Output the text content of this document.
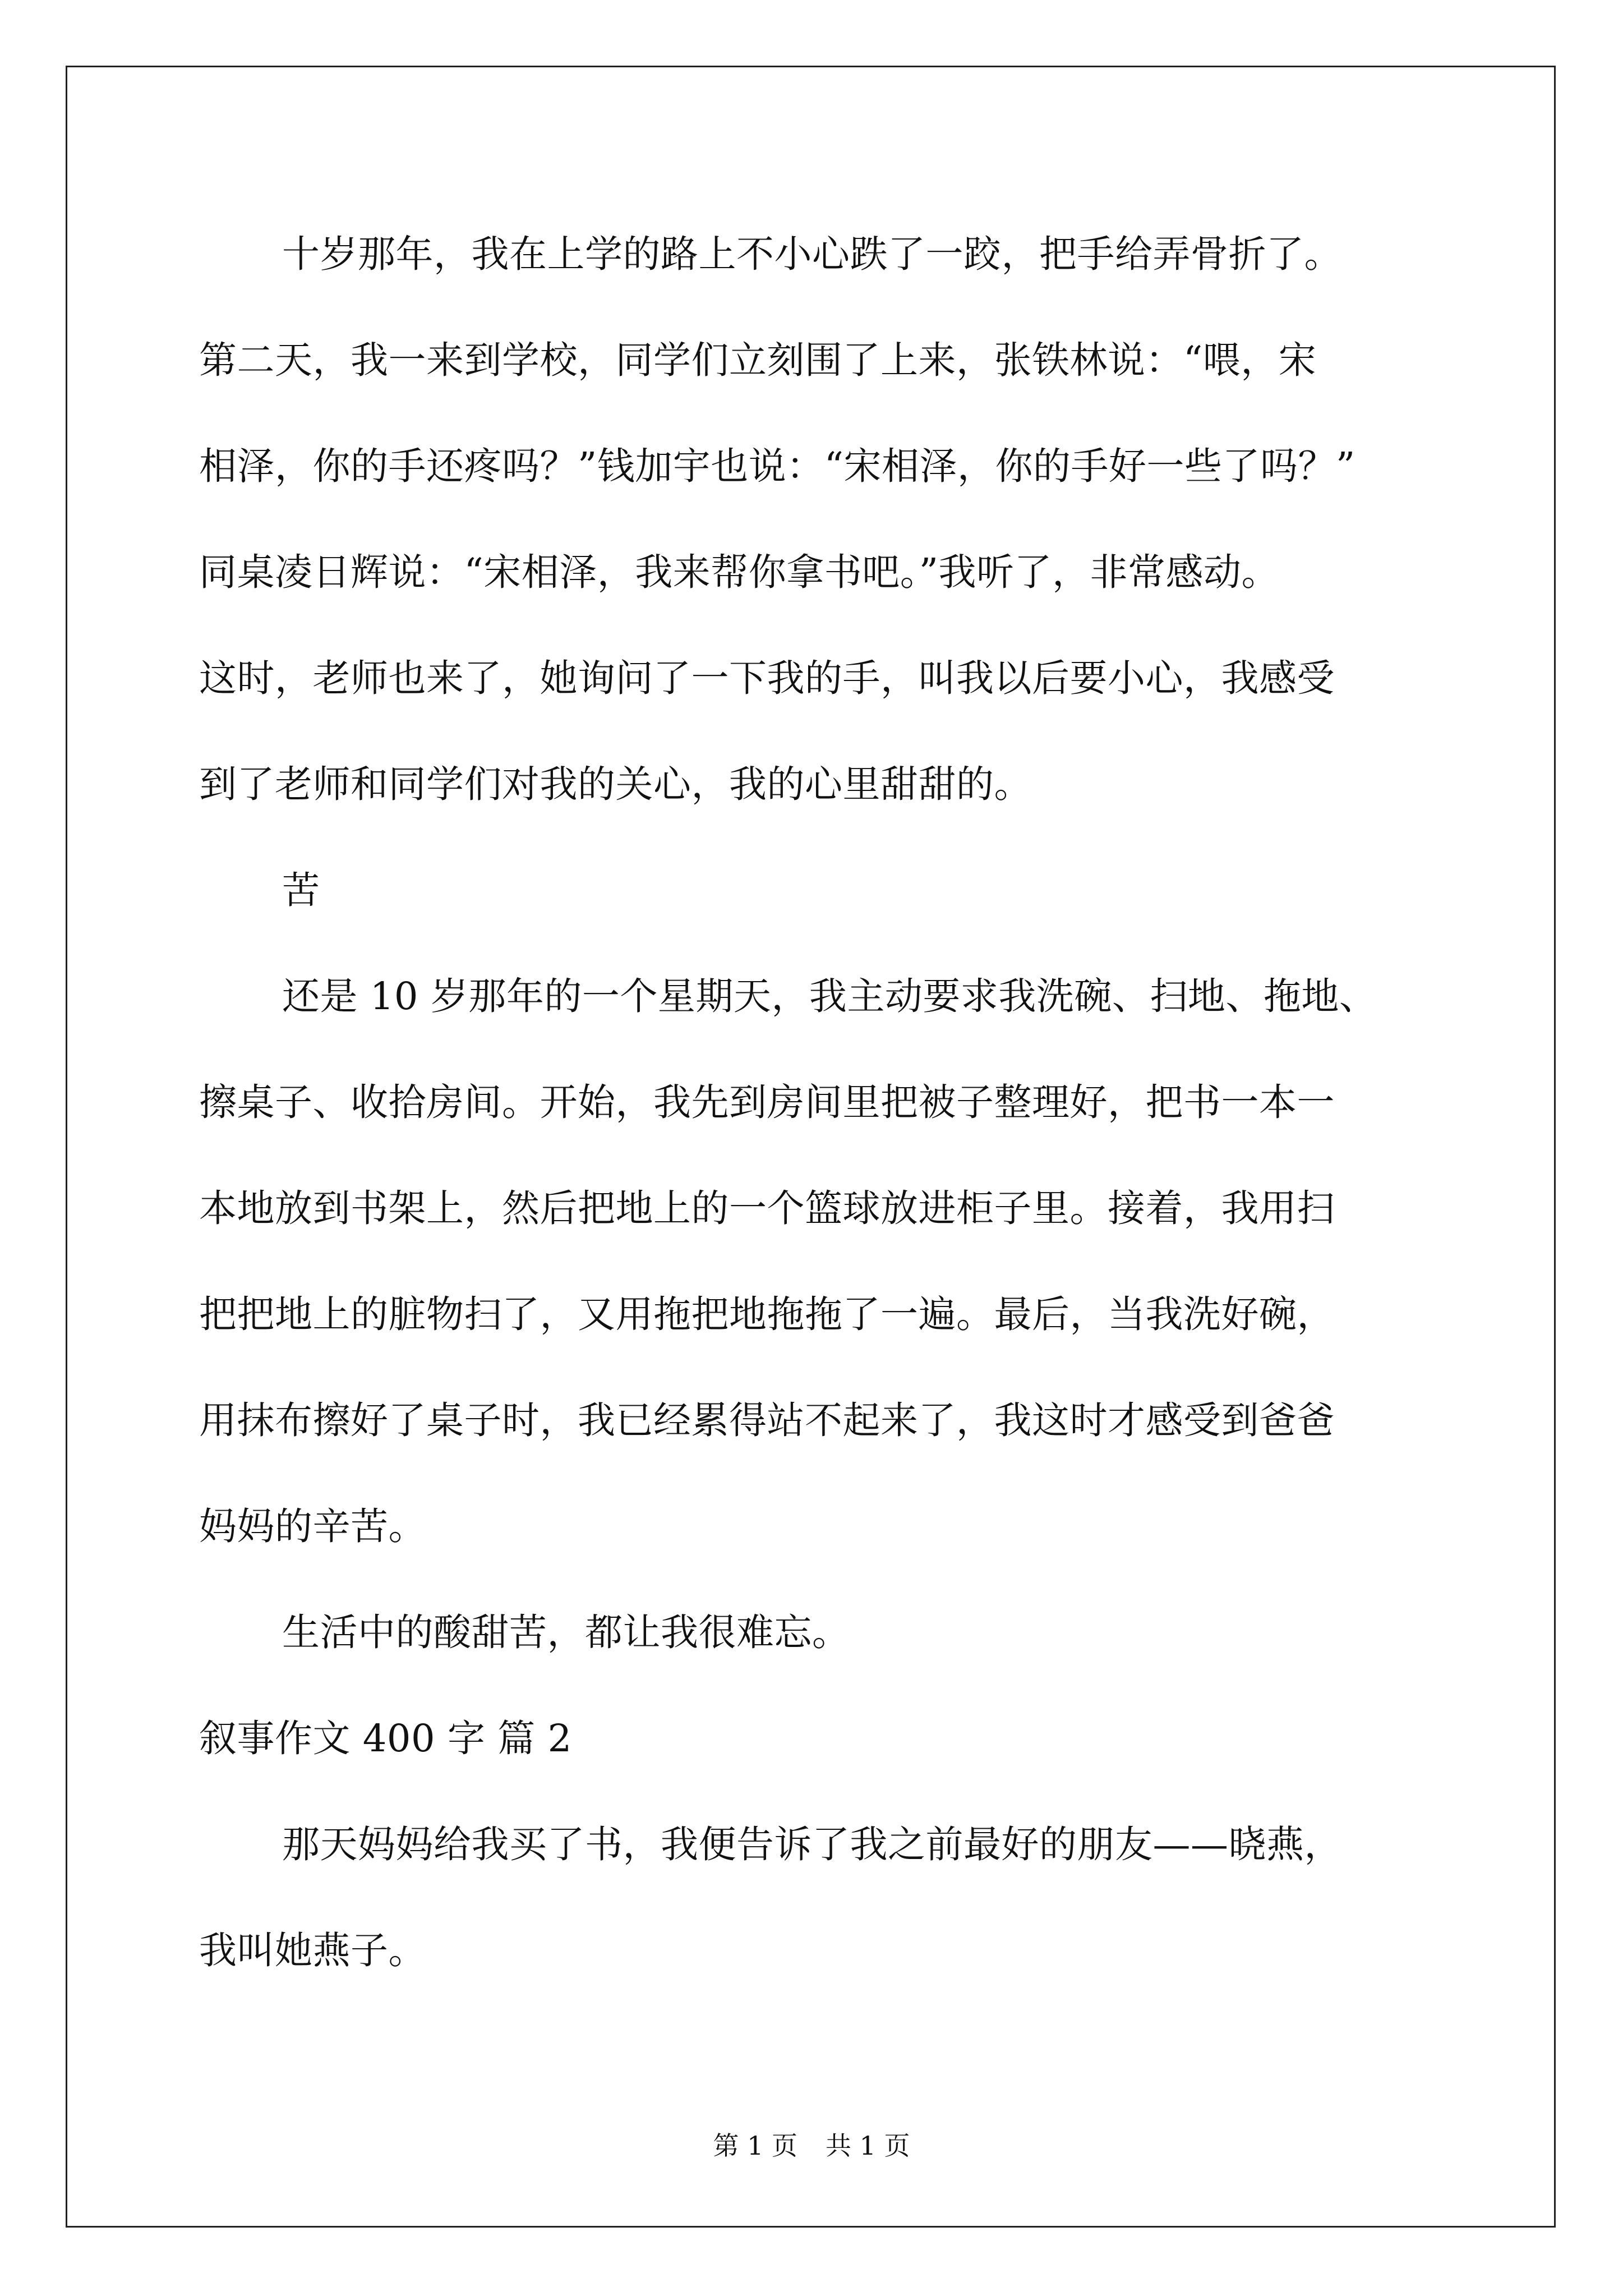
十岁那年，我在上学的路上不小心跌了一跤，把手给弄骨折了。
第二天，我一来到学校，同学们立刻围了上来，张铁林说：“喂，宋
相泽，你的手还疼吗？”钱加宇也说：“宋相泽，你的手好一些了吗？”
同桌凌日辉说：“宋相泽，我来帮你拿书吧。”我听了，非常感动。
这时，老师也来了，她询问了一下我的手，叫我以后要小心，我感受
到了老师和同学们对我的关心，我的心里甜甜的。
苦
还是 10 岁那年的一个星期天，我主动要求我洗碗、扫地、拖地、
擦桌子、收拾房间。开始，我先到房间里把被子整理好，把书一本一
本地放到书架上，然后把地上的一个篮球放进柜子里。接着，我用扫
把把地上的脏物扫了，又用拖把地拖拖了一遍。最后，当我洗好碗，
用抹布擦好了桌子时，我已经累得站不起来了，我这时才感受到爸爸
妈妈的辛苦。
生活中的酸甜苦，都让我很难忘。
叙事作文 400 字 篇 2
那天妈妈给我买了书，我便告诉了我之前最好的朋友——晓燕，
我叫她燕子。
第 1 页 共 1 页
